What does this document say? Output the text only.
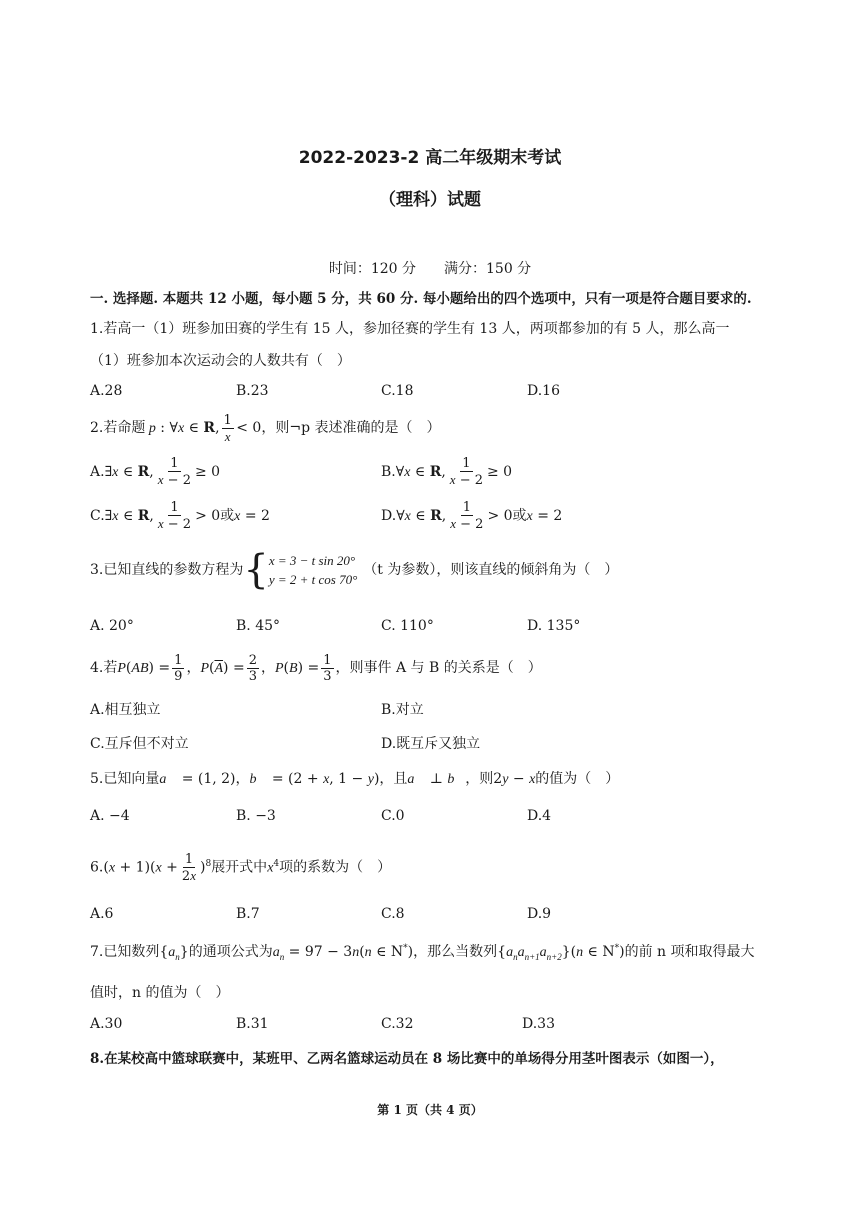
2022-2023-2 高二年级期末考试
（理科）试题
时间：120 分　　满分：150 分
一. 选择题. 本题共 12 小题，每小题 5 分，共 60 分. 每小题给出的四个选项中，只有一项是符合题目要求的.
1.若高一（1）班参加田赛的学生有 15 人，参加径赛的学生有 13 人，两项都参加的有 5 人，那么高一
（1）班参加本次运动会的人数共有（　）
A.28	B.23	C.18	D.16
2.若命题 p : ∀x ∈ R, $\frac{1}{x} < 0$，则¬p 表述准确的是（　）
A.∃x ∈ R, $\frac{1}{x - 2} \ge 0$	B.∀x ∈ R, $\frac{1}{x - 2} \ge 0$
C.∃x ∈ R, $\frac{1}{x - 2} > 0$或x = 2	D.∀x ∈ R, $\frac{1}{x - 2} > 0$或x = 2
3.已知直线的参数方程为{ x = 3 − t sin 20°
y = 2 + t cos 70°
（t 为参数），则该直线的倾斜角为（　）
A. 20°	B. 45°	C. 110°	D. 135°
4.若$P(AB) = \frac{1}{9}$ ，$P(\overline{A}) = \frac{2}{3}$ ，$P(B) = \frac{1}{3}$ ，则事件 A 与 B 的关系是（　）
A.相互独立	B.对立
C.互斥但不对立	D.既互斥又独立
5.已知向量a⃗ = (1, 2)，b⃗ = (2 + x, 1 − y)，且a⃗ ⊥ b⃗，则2y − x的值为（　）
A. −4	B. −3	C.0	D.4
$6.(x + 1)(x + \frac{1}{2x} )^8$展开式中$x^4$项的系数为（　）
A.6	B.7	C.8	D.9
7.已知数列$\{a_n\}$的通项公式为$a_n = 97 - 3n(n$ ∈ N*)，那么当数列$\{a_na_{n+1}a_{n+2}\}(n$ ∈ N*)的前 n 项和取得最大
值时，n 的值为（　）
A.30	B.31	C.32	D.33
8.在某校高中篮球联赛中，某班甲、乙两名篮球运动员在 8 场比赛中的单场得分用茎叶图表示（如图一），
第 1 页（共 4 页）
